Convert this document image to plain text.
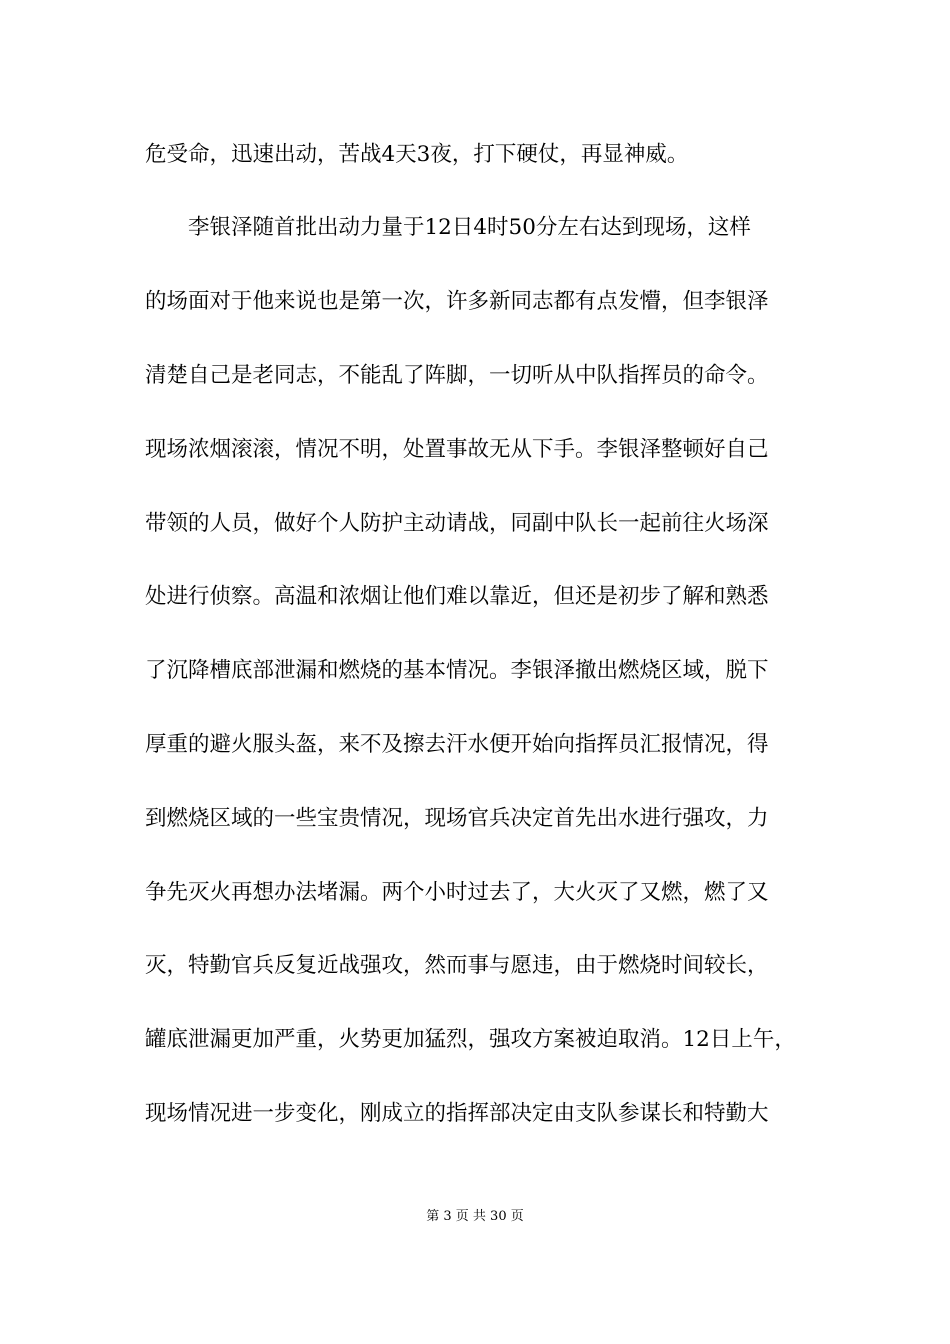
危受命，迅速出动，苦战4天3夜，打下硬仗，再显神威。
李银泽随首批出动力量于12日4时50分左右达到现场，这样
的场面对于他来说也是第一次，许多新同志都有点发懵，但李银泽
清楚自己是老同志，不能乱了阵脚，一切听从中队指挥员的命令。
现场浓烟滚滚，情况不明，处置事故无从下手。李银泽整顿好自己
带领的人员，做好个人防护主动请战，同副中队长一起前往火场深
处进行侦察。高温和浓烟让他们难以靠近，但还是初步了解和熟悉
了沉降槽底部泄漏和燃烧的基本情况。李银泽撤出燃烧区域，脱下
厚重的避火服头盔，来不及擦去汗水便开始向指挥员汇报情况，得
到燃烧区域的一些宝贵情况，现场官兵决定首先出水进行强攻，力
争先灭火再想办法堵漏。两个小时过去了，大火灭了又燃，燃了又
灭，特勤官兵反复近战强攻，然而事与愿违，由于燃烧时间较长，
罐底泄漏更加严重，火势更加猛烈，强攻方案被迫取消。12日上午，
现场情况进一步变化，刚成立的指挥部决定由支队参谋长和特勤大
第 3 页 共 30 页
